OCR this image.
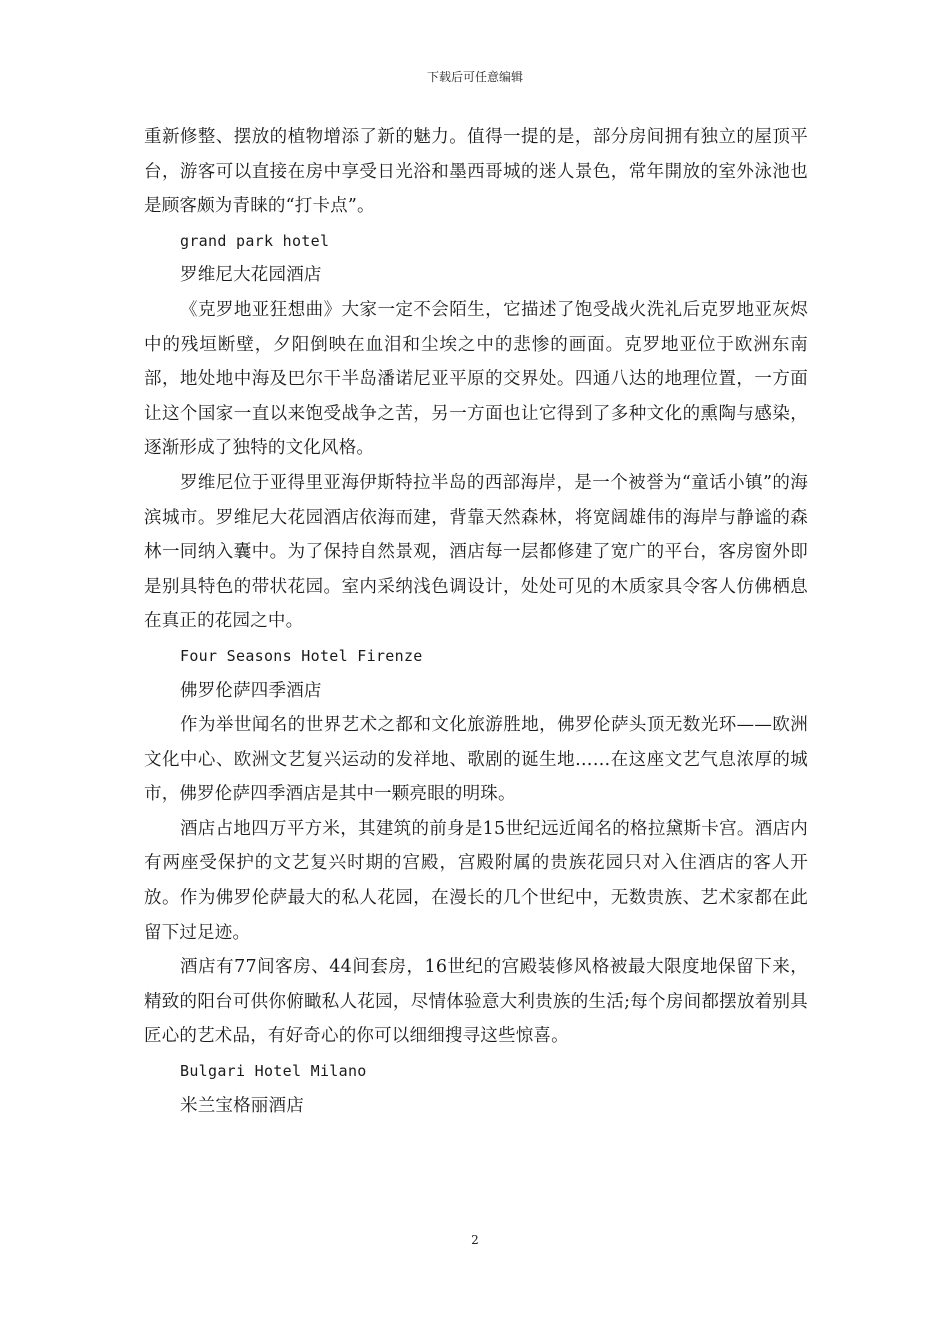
下载后可任意编辑

重新修整、摆放的植物增添了新的魅力。值得一提的是，部分房间拥有独立的屋顶平台，游客可以直接在房中享受日光浴和墨西哥城的迷人景色，常年開放的室外泳池也是顾客颇为青睐的“打卡点”。

grand park hotel

罗维尼大花园酒店

《克罗地亚狂想曲》大家一定不会陌生，它描述了饱受战火洗礼后克罗地亚灰烬中的残垣断壁，夕阳倒映在血泪和尘埃之中的悲惨的画面。克罗地亚位于欧洲东南部，地处地中海及巴尔干半岛潘诺尼亚平原的交界处。四通八达的地理位置，一方面让这个国家一直以来饱受战争之苦，另一方面也让它得到了多种文化的熏陶与感染，逐渐形成了独特的文化风格。

罗维尼位于亚得里亚海伊斯特拉半岛的西部海岸，是一个被誉为“童话小镇”的海滨城市。罗维尼大花园酒店依海而建，背靠天然森林，将宽阔雄伟的海岸与静谧的森林一同纳入囊中。为了保持自然景观，酒店每一层都修建了宽广的平台，客房窗外即是别具特色的带状花园。室内采纳浅色调设计，处处可见的木质家具令客人仿佛栖息在真正的花园之中。

Four Seasons Hotel Firenze

佛罗伦萨四季酒店

作为举世闻名的世界艺术之都和文化旅游胜地，佛罗伦萨头顶无数光环——欧洲文化中心、欧洲文艺复兴运动的发祥地、歌剧的诞生地……在这座文艺气息浓厚的城市，佛罗伦萨四季酒店是其中一颗亮眼的明珠。

酒店占地四万平方米，其建筑的前身是15世纪远近闻名的格拉黛斯卡宫。酒店内有两座受保护的文艺复兴时期的宫殿，宫殿附属的贵族花园只对入住酒店的客人开放。作为佛罗伦萨最大的私人花园，在漫长的几个世纪中，无数贵族、艺术家都在此留下过足迹。

酒店有77间客房、44间套房，16世纪的宫殿装修风格被最大限度地保留下来，精致的阳台可供你俯瞰私人花园，尽情体验意大利贵族的生活;每个房间都摆放着别具匠心的艺术品，有好奇心的你可以细细搜寻这些惊喜。

Bulgari Hotel Milano

米兰宝格丽酒店

2
